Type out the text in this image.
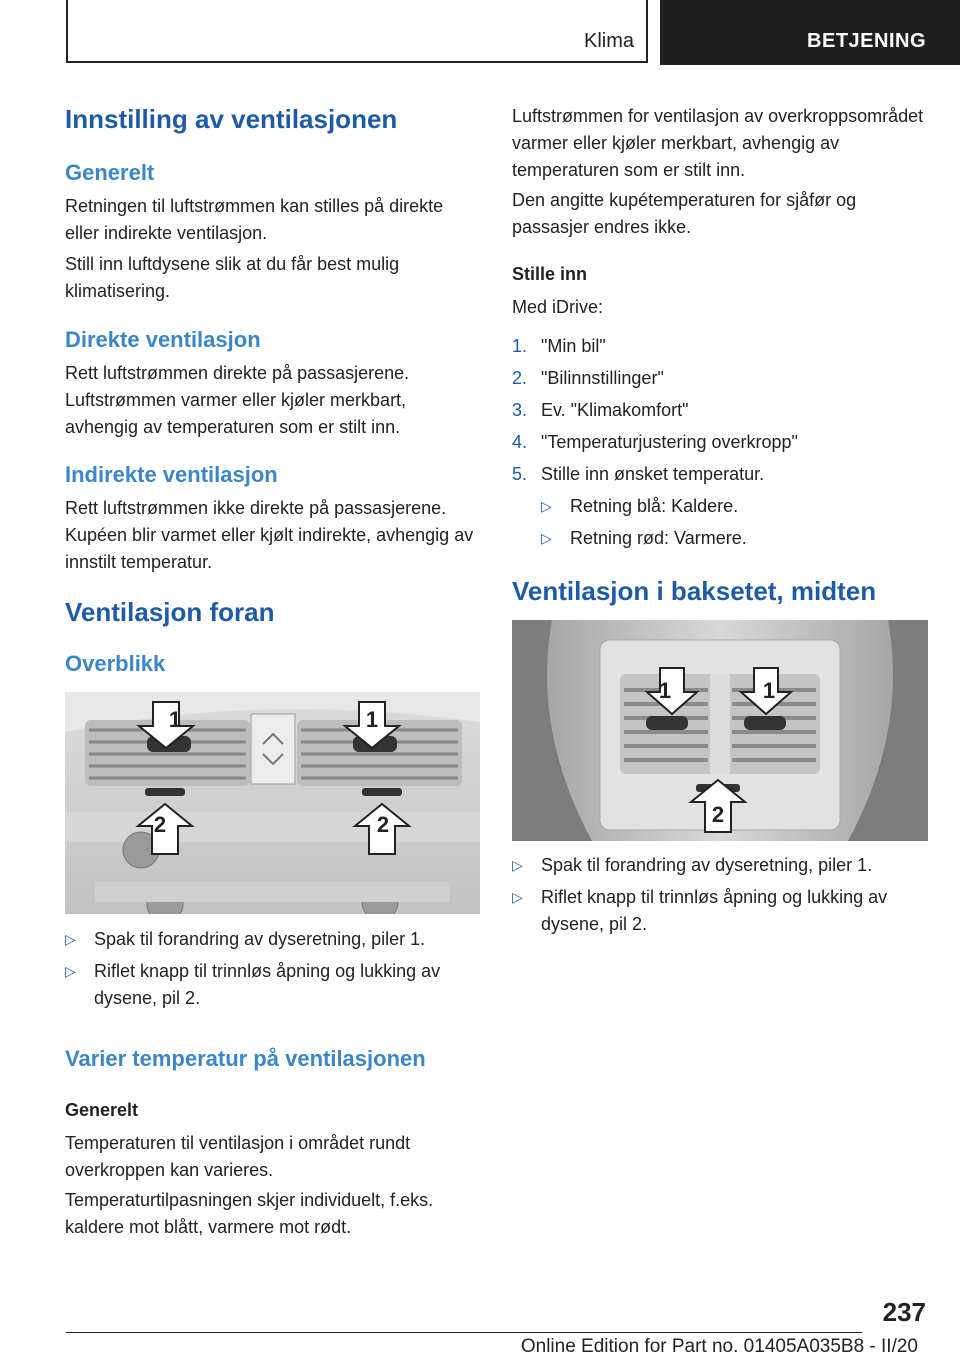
Klima	BETJENING
Innstilling av ventilasjonen
Generelt
Retningen til luftstrømmen kan stilles på direkte eller indirekte ventilasjon.
Still inn luftdysene slik at du får best mulig klimatisering.
Direkte ventilasjon
Rett luftstrømmen direkte på passasjerene. Luftstrømmen varmer eller kjøler merkbart, avhengig av temperaturen som er stilt inn.
Indirekte ventilasjon
Rett luftstrømmen ikke direkte på passasjerene. Kupéen blir varmet eller kjølt indirekte, avhengig av innstilt temperatur.
Ventilasjon foran
Overblikk
1	1
2	2
▷ Spak til forandring av dyseretning, piler 1.
▷ Riflet knapp til trinnløs åpning og lukking av dysene, pil 2.
Varier temperatur på ventilasjonen
Generelt
Temperaturen til ventilasjon i området rundt overkroppen kan varieres.
Temperaturtilpasningen skjer individuelt, f.eks. kaldere mot blått, varmere mot rødt.
Luftstrømmen for ventilasjon av overkroppsområdet varmer eller kjøler merkbart, avhengig av temperaturen som er stilt inn.
Den angitte kupétemperaturen for sjåfør og passasjer endres ikke.
Stille inn
Med iDrive:
1. "Min bil"
2. "Bilinnstillinger"
3. Ev. "Klimakomfort"
4. "Temperaturjustering overkropp"
5. Stille inn ønsket temperatur.
▷ Retning blå: Kaldere.
▷ Retning rød: Varmere.
Ventilasjon i baksetet, midten
1	1
2
▷ Spak til forandring av dyseretning, piler 1.
▷ Riflet knapp til trinnløs åpning og lukking av dysene, pil 2.
237
Online Edition for Part no. 01405A035B8 - II/20
